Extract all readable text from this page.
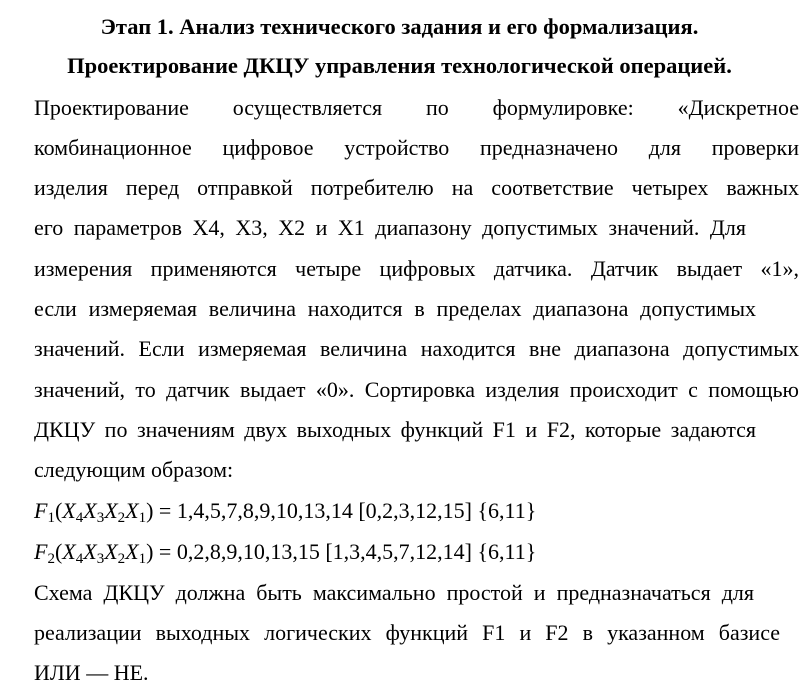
Этап 1. Анализ технического задания и его формализация.
Проектирование ДКЦУ управления технологической операцией.
Проектирование осуществляется по формулировке: «Дискретное
комбинационное цифровое устройство предназначено для проверки
изделия перед отправкой потребителю на соответствие четырех важных
его параметров X4, X3, X2 и X1 диапазону допустимых значений. Для
измерения применяются четыре цифровых датчика. Датчик выдает «1»,
если измеряемая величина находится в пределах диапазона допустимых
значений. Если измеряемая величина находится вне диапазона допустимых
значений, то датчик выдает «0». Сортировка изделия происходит с помощью
ДКЦУ по значениям двух выходных функций F1 и F2, которые задаются
следующим образом:
$F_1(X_4X_3X_2X_1) = 1,4,5,7,8,9,10,13,14$ [0,2,3,12,15] {6,11}
$F_2(X_4X_3X_2X_1) = 0,2,8,9,10,13,15$ [1,3,4,5,7,12,14] {6,11}
Схема ДКЦУ должна быть максимально простой и предназначаться для
реализации выходных логических функций F1 и F2 в указанном базисе
ИЛИ — НЕ.
